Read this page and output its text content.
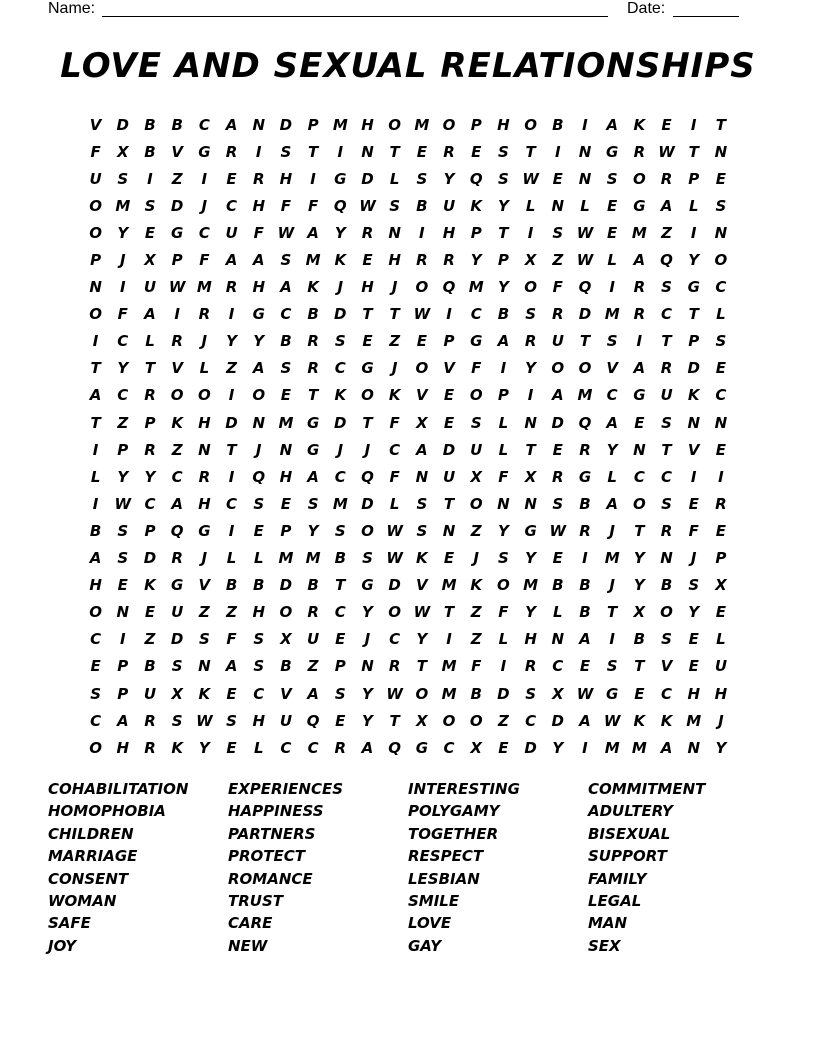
Name:	Date:
LOVE AND SEXUAL RELATIONSHIPS
V	D	B	B	C	A	N D	P M H O M O	P	H O	B	I	A	K	E	I	T
F	X	B	V	G	R	I	S	T	I	N	T	E	R	E	S	T	I	N G	R W T	N
U	S	I	Z	I	E	R	H	I	G D	L	S	Y	Q	S W E	N	S	O	R	P	E
O M S	D	J	C	H	F	F	Q W S	B	U	K	Y	L	N	L	E	G	A	L	S
O	Y	E	G	C	U	F W A	Y	R	N	I	H	P	T	I	S W E M Z	I	N
P	J	X	P	F	A	A	S M K	E	H	R	R	Y	P	X	Z W L	A	Q	Y	O
N	I	U W M R	H	A	K	J	H	J	O Q M Y	O	F	Q	I	R	S	G	C
O	F	A	I	R	I	G	C	B	D	T	T W	I	C	B	S	R	D M R	C	T	L
I	C	L	R	J	Y	Y	B	R	S	E	Z	E	P	G	A	R	U	T	S	I	T	P	S
T	Y	T	V	L	Z	A	S	R	C	G	J	O	V	F	I	Y	O O	V	A	R	D	E
A	C	R	O O	I	O	E	T	K O	K	V	E	O	P	I	A M C	G U	K	C
T	Z	P	K	H D N M G D	T	F	X	E	S	L	N D Q	A	E	S	N N
I	P	R	Z	N	T	J	N G	J	J	C	A	D U	L	T	E	R	Y	N	T	V	E
L	Y	Y	C	R	I	Q H	A	C	Q	F	N U	X	F	X	R	G	L	C	C	I	I
I	W C	A	H	C	S	E	S M D	L	S	T	O N N	S	B	A	O	S	E	R
B	S	P	Q G	I	E	P	Y	S	O W S	N	Z	Y	G W R	J	T	R	F	E
A	S	D	R	J	L	L M M B	S W K	E	J	S	Y	E	I	M Y	N	J	P
H	E	K	G	V	B	B	D	B	T	G D	V M K O M B	B	J	Y	B	S	X
O N	E	U	Z	Z	H O	R	C	Y	O W T	Z	F	Y	L	B	T	X	O	Y	E
C	I	Z	D	S	F	S	X	U	E	J	C	Y	I	Z	L	H N	A	I	B	S	E	L
E	P	B	S	N	A	S	B	Z	P	N	R	T M F	I	R	C	E	S	T	V	E	U
S	P	U	X	K	E	C	V	A	S	Y W O M B	D	S	X W G	E	C	H H
C	A	R	S W S	H U Q	E	Y	T	X	O O	Z	C	D	A W K	K M	J
O H	R	K	Y	E	L	C	C	R	A	Q G	C	X	E	D	Y	I	M M A	N	Y
COHABILITATION	EXPERIENCES	INTERESTING	COMMITMENT
HOMOPHOBIA	HAPPINESS	POLYGAMY	ADULTERY
CHILDREN	PARTNERS	TOGETHER	BISEXUAL
MARRIAGE	PROTECT	RESPECT	SUPPORT
CONSENT	ROMANCE	LESBIAN	FAMILY
WOMAN	TRUST	SMILE	LEGAL
SAFE	CARE	LOVE	MAN
JOY	NEW	GAY	SEX
